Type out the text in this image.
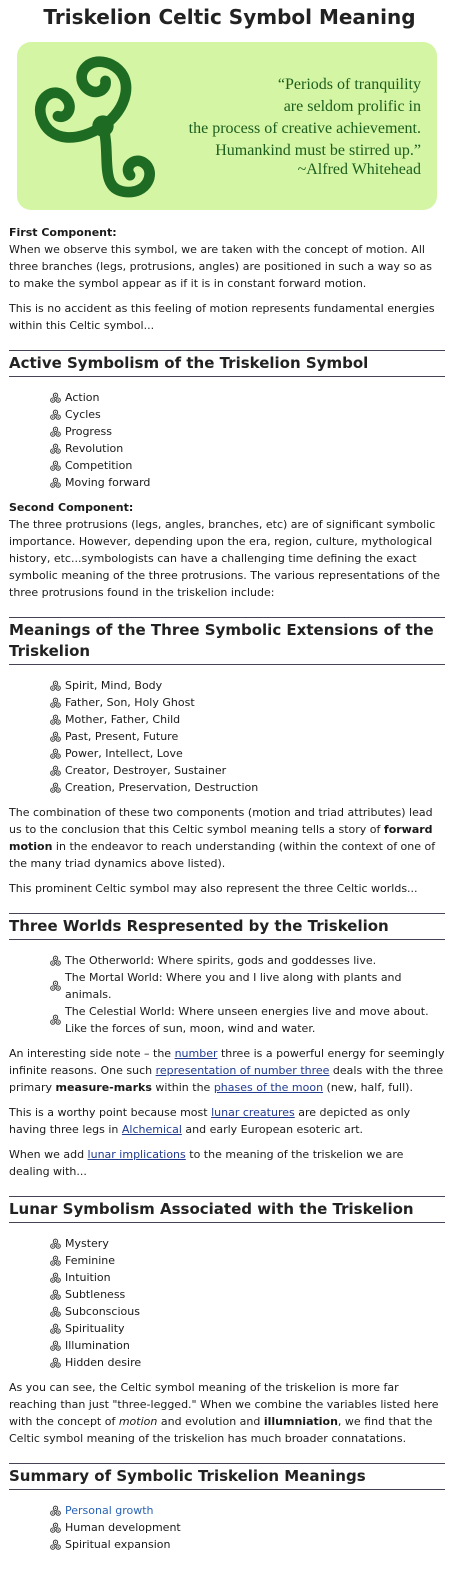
Triskelion Celtic Symbol Meaning
“Periods of tranquility
are seldom prolific in
the process of creative achievement.
Humankind must be stirred up.”
~Alfred Whitehead

First Component:
When we observe this symbol, we are taken with the concept of motion. All three branches (legs, protrusions, angles) are positioned in such a way so as to make the symbol appear as if it is in constant forward motion.

This is no accident as this feeling of motion represents fundamental energies within this Celtic symbol...

Active Symbolism of the Triskelion Symbol
Action
Cycles
Progress
Revolution
Competition
Moving forward

Second Component:
The three protrusions (legs, angles, branches, etc) are of significant symbolic importance. However, depending upon the era, region, culture, mythological history, etc...symbologists can have a challenging time defining the exact symbolic meaning of the three protrusions. The various representations of the three protrusions found in the triskelion include:

Meanings of the Three Symbolic Extensions of the Triskelion
Spirit, Mind, Body
Father, Son, Holy Ghost
Mother, Father, Child
Past, Present, Future
Power, Intellect, Love
Creator, Destroyer, Sustainer
Creation, Preservation, Destruction

The combination of these two components (motion and triad attributes) lead us to the conclusion that this Celtic symbol meaning tells a story of forward motion in the endeavor to reach understanding (within the context of one of the many triad dynamics above listed).

This prominent Celtic symbol may also represent the three Celtic worlds...

Three Worlds Respresented by the Triskelion
The Otherworld: Where spirits, gods and goddesses live.
The Mortal World: Where you and I live along with plants and animals.
The Celestial World: Where unseen energies live and move about. Like the forces of sun, moon, wind and water.

An interesting side note – the number three is a powerful energy for seemingly infinite reasons. One such representation of number three deals with the three primary measure-marks within the phases of the moon (new, half, full).

This is a worthy point because most lunar creatures are depicted as only having three legs in Alchemical and early European esoteric art.

When we add lunar implications to the meaning of the triskelion we are dealing with...

Lunar Symbolism Associated with the Triskelion
Mystery
Feminine
Intuition
Subtleness
Subconscious
Spirituality
Illumination
Hidden desire

As you can see, the Celtic symbol meaning of the triskelion is more far reaching than just "three-legged." When we combine the variables listed here with the concept of motion and evolution and illumniation, we find that the Celtic symbol meaning of the triskelion has much broader connatations.

Summary of Symbolic Triskelion Meanings
Personal growth
Human development
Spiritual expansion
